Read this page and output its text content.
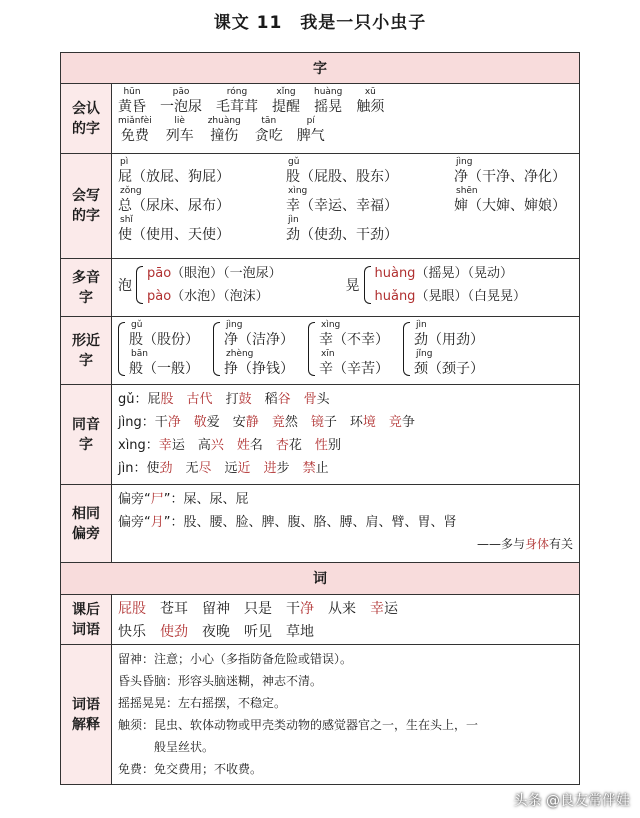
课文 11　我是一只小虫子
字
会认
的字
hūn
黄昏
pāo
一泡尿
róng
毛茸茸
xǐng
提醒
huàng
摇晃
xū
触须
miǎnfèi
免费
liè
列车
zhuàng
撞伤
tān
贪吃
pí
脾气
会写
的字
pì
屁（放屁、狗屁）
gǔ
股（屁股、股东）
jìng
净（干净、净化）
zǒng
总（尿床、尿布）
xìng
幸（幸运、幸福）
shēn
婶（大婶、婶娘）
shǐ
使（使用、天使）
jìn
劲（使劲、干劲）
多音
字
泡
pāo（眼泡）（一泡尿）
pào（水泡）（泡沫）
晃
huàng（摇晃）（晃动）
huǎng（晃眼）（白晃晃）
形近
字
gǔ
股（股份）
bān
般（一般）
jìng
净（洁净）
zhèng
挣（挣钱）
xìng
幸（不幸）
xīn
辛（辛苦）
jìn
劲（用劲）
jǐng
颈（颈子）
同音
字
gǔ：屁股　 古代　打鼓　稻谷　 骨头
jìng：干净　 敬爱　安静　 竟然　镜子　环境　 竞争
xìng：幸运　高兴　 姓名　杏花　性别
jìn：使劲　无尽　远近　 进步　禁止
相同
偏旁
偏旁“尸”：屎、尿、屁
偏旁“月”：股、腰、脸、脾、腹、胳、膊、肩、臂、胃、肾
——多与身体有关
词
课后
词语
屁股　苍耳　留神　只是　干净　从来　幸运
快乐　使劲　夜晚　听见　草地
词语
解释
留神：注意；小心（多指防备危险或错误）。
昏头昏脑：形容头脑迷糊，神志不清。
摇摇晃晃：左右摇摆，不稳定。
触须：昆虫、软体动物或甲壳类动物的感觉器官之一，生在头上，一
　　　般呈丝状。
免费：免交费用；不收费。
头条 @良友常伴娃
